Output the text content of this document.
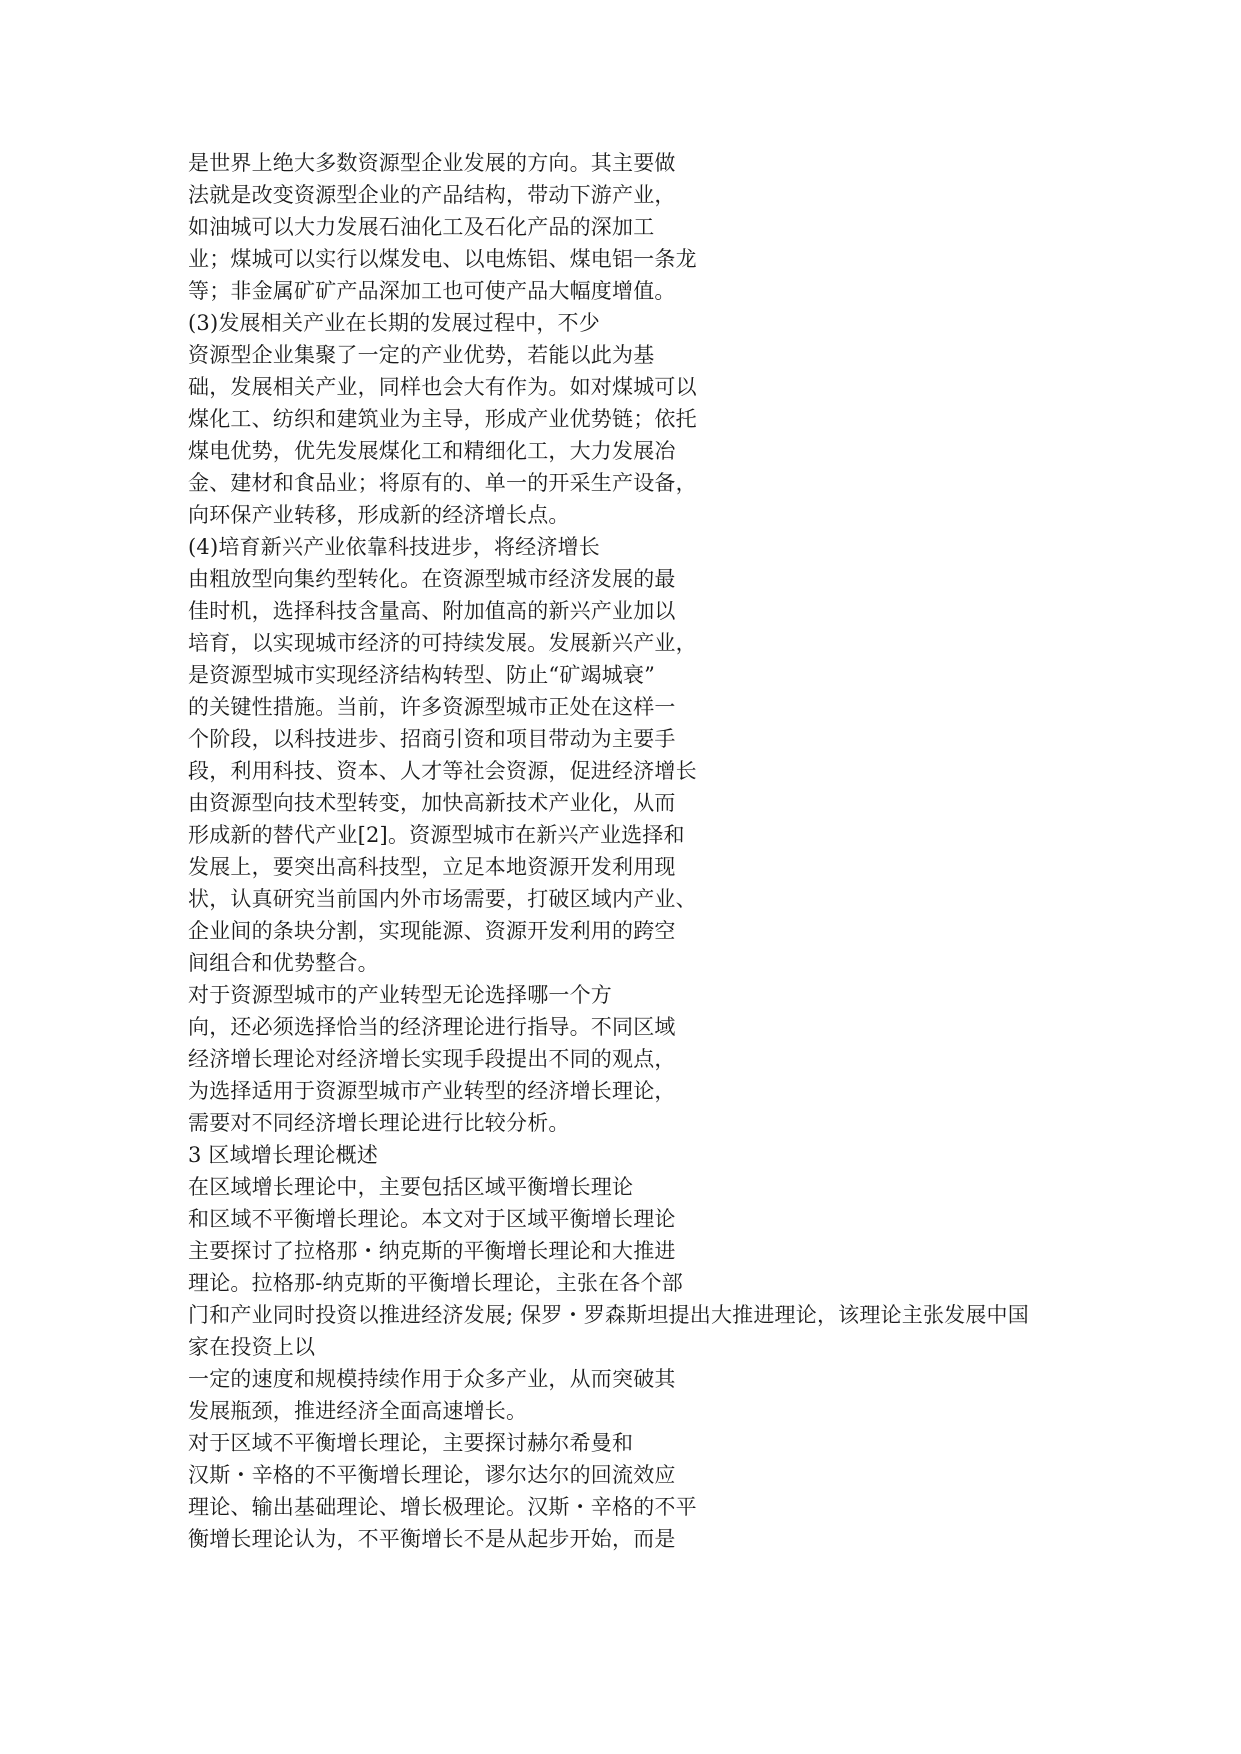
是世界上绝大多数资源型企业发展的方向。其主要做
法就是改变资源型企业的产品结构，带动下游产业，
如油城可以大力发展石油化工及石化产品的深加工
业；煤城可以实行以煤发电、以电炼铝、煤电铝一条龙
等；非金属矿矿产品深加工也可使产品大幅度增值。
(3)发展相关产业在长期的发展过程中，不少
资源型企业集聚了一定的产业优势，若能以此为基
础，发展相关产业，同样也会大有作为。如对煤城可以
煤化工、纺织和建筑业为主导，形成产业优势链；依托
煤电优势，优先发展煤化工和精细化工，大力发展冶
金、建材和食品业；将原有的、单一的开采生产设备，
向环保产业转移，形成新的经济增长点。
(4)培育新兴产业依靠科技进步，将经济增长
由粗放型向集约型转化。在资源型城市经济发展的最
佳时机，选择科技含量高、附加值高的新兴产业加以
培育，以实现城市经济的可持续发展。发展新兴产业，
是资源型城市实现经济结构转型、防止“矿竭城衰”
的关键性措施。当前，许多资源型城市正处在这样一
个阶段，以科技进步、招商引资和项目带动为主要手
段，利用科技、资本、人才等社会资源，促进经济增长
由资源型向技术型转变，加快高新技术产业化，从而
形成新的替代产业[2]。资源型城市在新兴产业选择和
发展上，要突出高科技型，立足本地资源开发利用现
状，认真研究当前国内外市场需要，打破区域内产业、
企业间的条块分割，实现能源、资源开发利用的跨空
间组合和优势整合。
对于资源型城市的产业转型无论选择哪一个方
向，还必须选择恰当的经济理论进行指导。不同区域
经济增长理论对经济增长实现手段提出不同的观点，
为选择适用于资源型城市产业转型的经济增长理论，
需要对不同经济增长理论进行比较分析。
3 区域增长理论概述
在区域增长理论中，主要包括区域平衡增长理论
和区域不平衡增长理论。本文对于区域平衡增长理论
主要探讨了拉格那・纳克斯的平衡增长理论和大推进
理论。拉格那-纳克斯的平衡增长理论，主张在各个部
门和产业同时投资以推进经济发展; 保罗・罗森斯坦提出大推进理论，该理论主张发展中国
家在投资上以
一定的速度和规模持续作用于众多产业，从而突破其
发展瓶颈，推进经济全面高速增长。
对于区域不平衡增长理论，主要探讨赫尔希曼和
汉斯・辛格的不平衡增长理论，谬尔达尔的回流效应
理论、输出基础理论、增长极理论。汉斯・辛格的不平
衡增长理论认为，不平衡增长不是从起步开始，而是
